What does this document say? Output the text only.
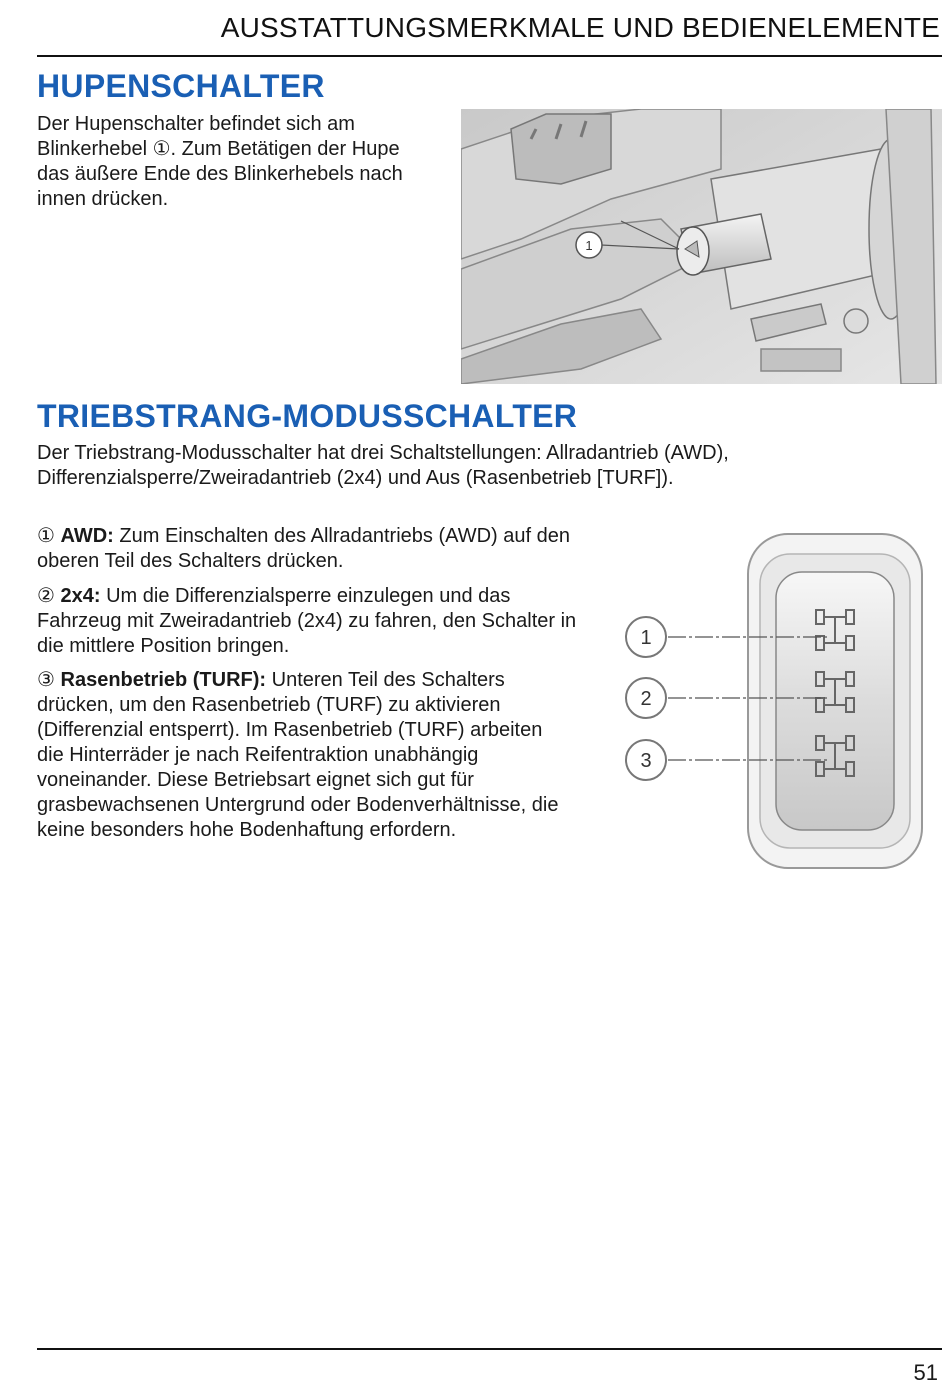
AUSSTATTUNGSMERKMALE UND BEDIENELEMENTE
HUPENSCHALTER

Der Hupenschalter befindet sich am Blinkerhebel ①. Zum Betätigen der Hupe das äußere Ende des Blinkerhebels nach innen drücken.

1
TRIEBSTRANG-MODUSSCHALTER

Der Triebstrang-Modusschalter hat drei Schaltstellungen: Allradantrieb (AWD), Differenzialsperre/Zweiradantrieb (2x4) und Aus (Rasenbetrieb [TURF]).

① AWD: Zum Einschalten des Allradantriebs (AWD) auf den oberen Teil des Schalters drücken.

② 2x4: Um die Differenzialsperre einzulegen und das Fahrzeug mit Zweiradantrieb (2x4) zu fahren, den Schalter in die mittlere Position bringen.

③ Rasenbetrieb (TURF): Unteren Teil des Schalters drücken, um den Rasenbetrieb (TURF) zu aktivieren (Differenzial entsperrt). Im Rasenbetrieb (TURF) arbeiten die Hinterräder je nach Reifentraktion unabhängig voneinander. Diese Betriebsart eignet sich gut für grasbewachsenen Untergrund oder Bodenverhältnisse, die keine besonders hohe Bodenhaftung erfordern.

1
2
3
51
